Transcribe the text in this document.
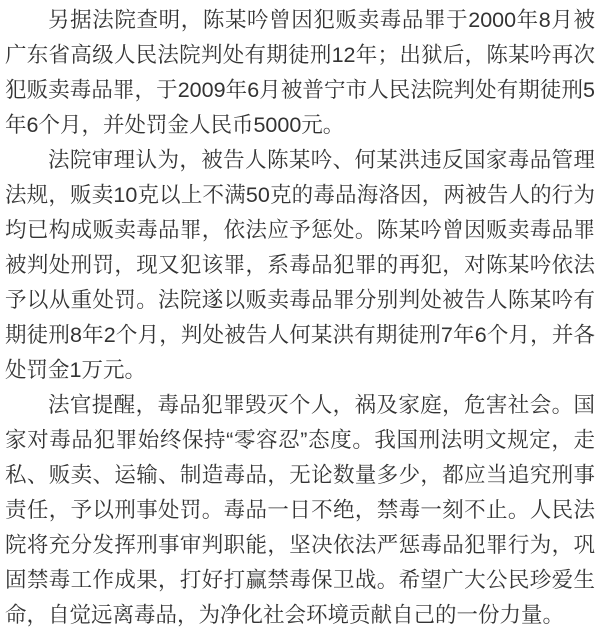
另据法院查明，陈某吟曾因犯贩卖毒品罪于2000年8月被广东省高级人民法院判处有期徒刑12年；出狱后，陈某吟再次犯贩卖毒品罪，于2009年6月被普宁市人民法院判处有期徒刑5年6个月，并处罚金人民币5000元。

法院审理认为，被告人陈某吟、何某洪违反国家毒品管理法规，贩卖10克以上不满50克的毒品海洛因，两被告人的行为均已构成贩卖毒品罪，依法应予惩处。陈某吟曾因贩卖毒品罪被判处刑罚，现又犯该罪，系毒品犯罪的再犯，对陈某吟依法予以从重处罚。法院遂以贩卖毒品罪分别判处被告人陈某吟有期徒刑8年2个月，判处被告人何某洪有期徒刑7年6个月，并各处罚金1万元。

法官提醒，毒品犯罪毁灭个人，祸及家庭，危害社会。国家对毒品犯罪始终保持“零容忍”态度。我国刑法明文规定，走私、贩卖、运输、制造毒品，无论数量多少，都应当追究刑事责任，予以刑事处罚。毒品一日不绝，禁毒一刻不止。人民法院将充分发挥刑事审判职能，坚决依法严惩毒品犯罪行为，巩固禁毒工作成果，打好打赢禁毒保卫战。希望广大公民珍爱生命，自觉远离毒品，为净化社会环境贡献自己的一份力量。
